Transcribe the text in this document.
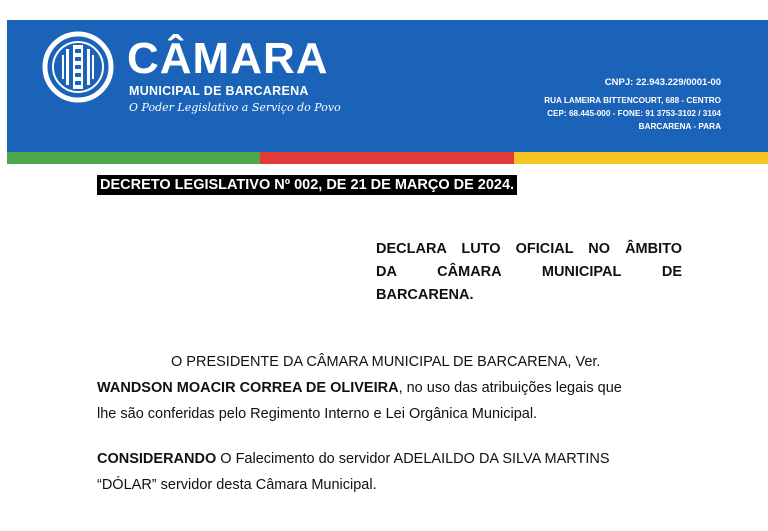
CÂMARA
MUNICIPAL DE BARCARENA
O Poder Legislativo a Serviço do Povo
CNPJ: 22.943.229/0001-00
RUA LAMEIRA BITTENCOURT, 688 - CENTRO
CEP: 68.445-000 - FONE: 91 3753-3102 / 3104
BARCARENA - PARA
DECRETO LEGISLATIVO Nº 002, DE 21 DE MARÇO DE 2024.
DECLARA LUTO OFICIAL NO ÂMBITO
DA CÂMARA MUNICIPAL DE
BARCARENA.
O PRESIDENTE DA CÂMARA MUNICIPAL DE BARCARENA, Ver.
WANDSON MOACIR CORREA DE OLIVEIRA, no uso das atribuições legais que
lhe são conferidas pelo Regimento Interno e Lei Orgânica Municipal.
CONSIDERANDO O Falecimento do servidor ADELAILDO DA SILVA MARTINS
“DÓLAR” servidor desta Câmara Municipal.
